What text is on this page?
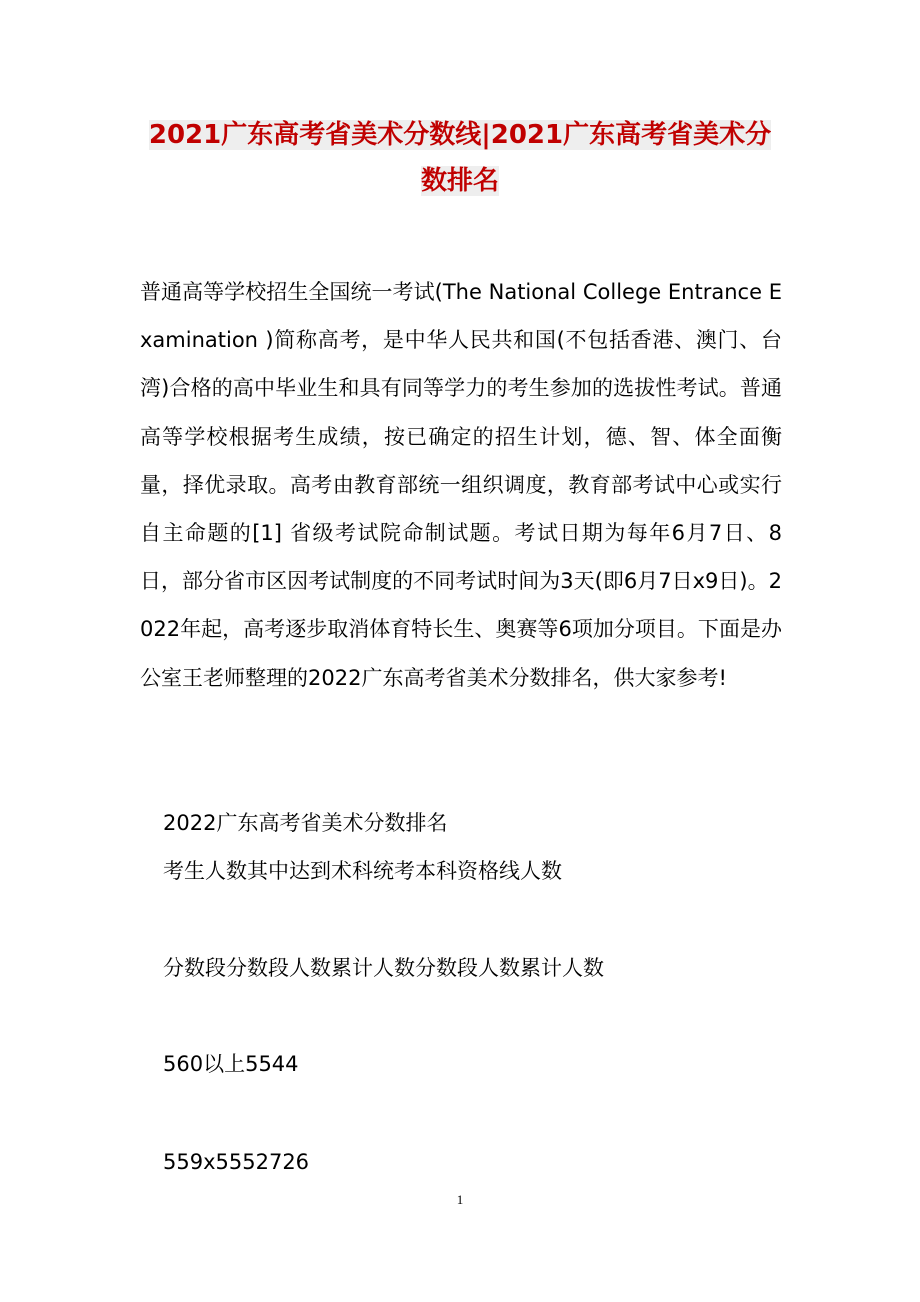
2021广东高考省美术分数线|2021广东高考省美术分
数排名

普通高等学校招生全国统一考试(The National College Entrance Examination )简称高考，是中华人民共和国(不包括香港、澳门、台湾)合格的高中毕业生和具有同等学力的考生参加的选拔性考试。普通高等学校根据考生成绩，按已确定的招生计划，德、智、体全面衡量，择优录取。高考由教育部统一组织调度，教育部考试中心或实行自主命题的[1] 省级考试院命制试题。考试日期为每年6月7日、8日，部分省市区因考试制度的不同考试时间为3天(即6月7日x9日)。2022年起，高考逐步取消体育特长生、奥赛等6项加分项目。下面是办公室王老师整理的2022广东高考省美术分数排名，供大家参考!

2022广东高考省美术分数排名

考生人数其中达到术科统考本科资格线人数

分数段分数段人数累计人数分数段人数累计人数

560以上5544

559x5552726

1
